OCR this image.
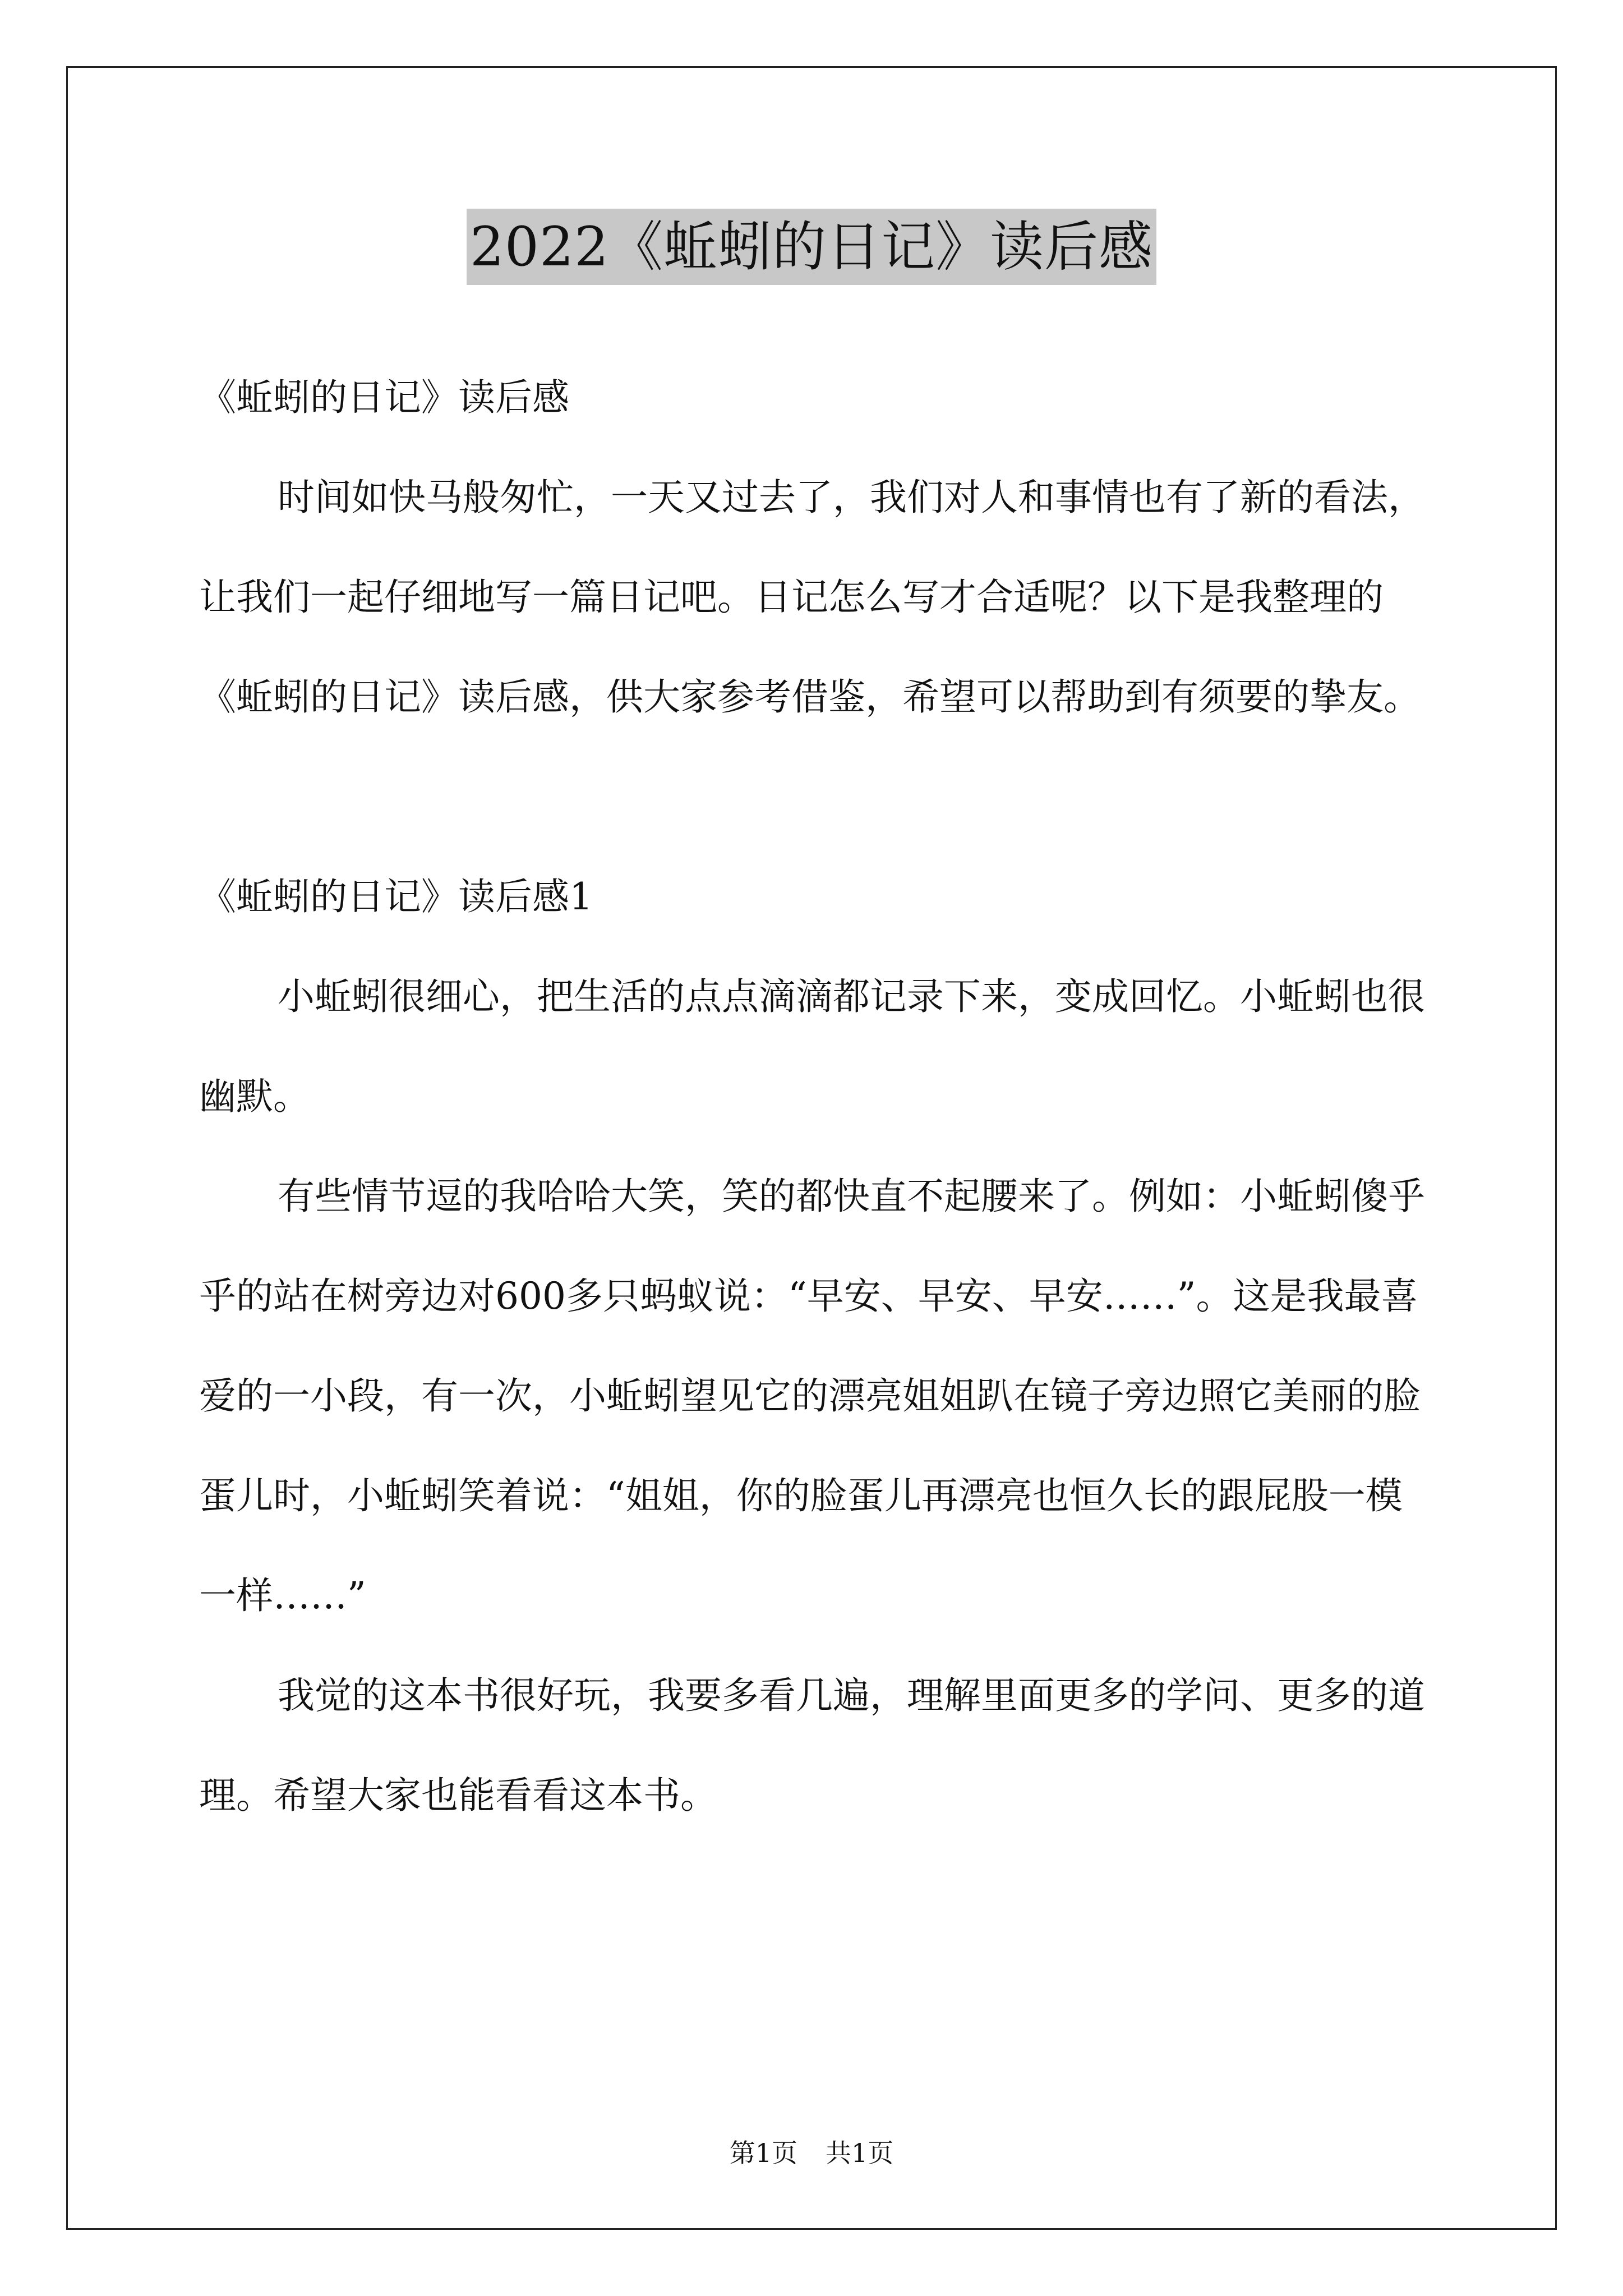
2022《蚯蚓的日记》读后感

《蚯蚓的日记》读后感

时间如快马般匆忙，一天又过去了，我们对人和事情也有了新的看法，让我们一起仔细地写一篇日记吧。日记怎么写才合适呢？以下是我整理的《蚯蚓的日记》读后感，供大家参考借鉴，希望可以帮助到有须要的挚友。

《蚯蚓的日记》读后感1

小蚯蚓很细心，把生活的点点滴滴都记录下来，变成回忆。小蚯蚓也很幽默。

有些情节逗的我哈哈大笑，笑的都快直不起腰来了。例如：小蚯蚓傻乎乎的站在树旁边对600多只蚂蚁说：“早安、早安、早安……”。这是我最喜爱的一小段，有一次，小蚯蚓望见它的漂亮姐姐趴在镜子旁边照它美丽的脸蛋儿时，小蚯蚓笑着说：“姐姐，你的脸蛋儿再漂亮也恒久长的跟屁股一模一样……”

我觉的这本书很好玩，我要多看几遍，理解里面更多的学问、更多的道理。希望大家也能看看这本书。

第1页 共1页
